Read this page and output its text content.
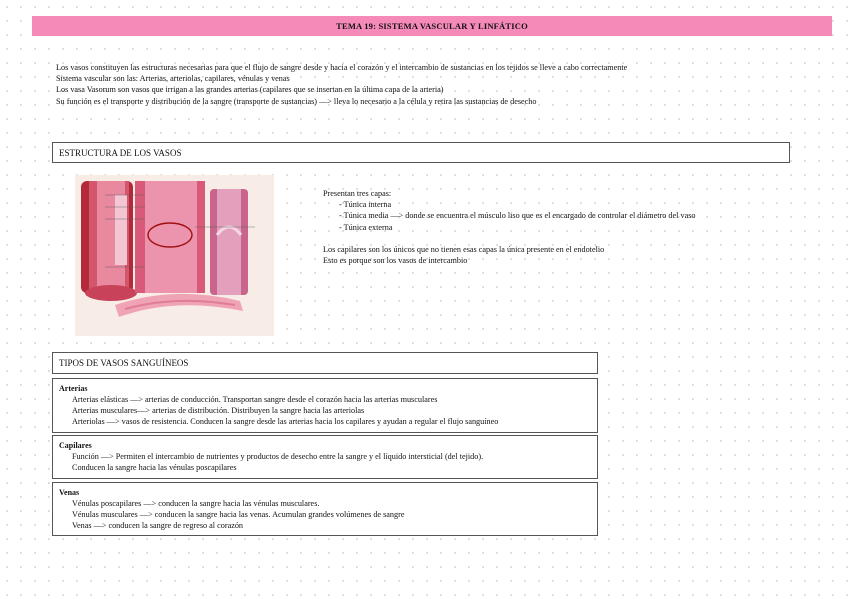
TEMA 19: SISTEMA VASCULAR Y LINFÁTICO
Los vasos constituyen las estructuras necesarias para que el flujo de sangre desde y hacia el corazón y el intercambio de sustancias en los tejidos se lleve a cabo correctamente
Sistema vascular son las: Arterias, arteriolas, capilares, vénulas y venas
Los vasa Vasorum son vasos que irrigan a las grandes arterias (capilares que se insertan en la última capa de la arteria)
Su función es el transporte y distribución de la sangre (transporte de sustancias) —> lleva lo necesario a la célula y retira las sustancias de desecho
ESTRUCTURA DE LOS VASOS
Presentan tres capas:
- Túnica interna
- Túnica media —> donde se encuentra el músculo liso que es el encargado de controlar el diámetro del vaso
- Túnica externa
Los capilares son los únicos que no tienen esas capas la única presente en el endotelio
Esto es porque son los vasos de intercambio
TIPOS DE VASOS SANGUÍNEOS
Arterias
Arterias elásticas —> arterias de conducción. Transportan sangre desde el corazón hacia las arterias musculares
Arterias musculares—> arterias de distribución. Distribuyen la sangre hacia las arteriolas
Arteriolas —> vasos de resistencia. Conducen la sangre desde las arterias hacia los capilares y ayudan a regular el flujo sanguíneo
Capilares
Función —> Permiten el intercambio de nutrientes y productos de desecho entre la sangre y el líquido intersticial (del tejido).
Conducen la sangre hacia las vénulas poscapilares
Venas
Vénulas poscapilares —> conducen la sangre hacia las vénulas musculares.
Vénulas musculares —> conducen la sangre hacia las venas. Acumulan grandes volúmenes de sangre
Venas —> conducen la sangre de regreso al corazón
